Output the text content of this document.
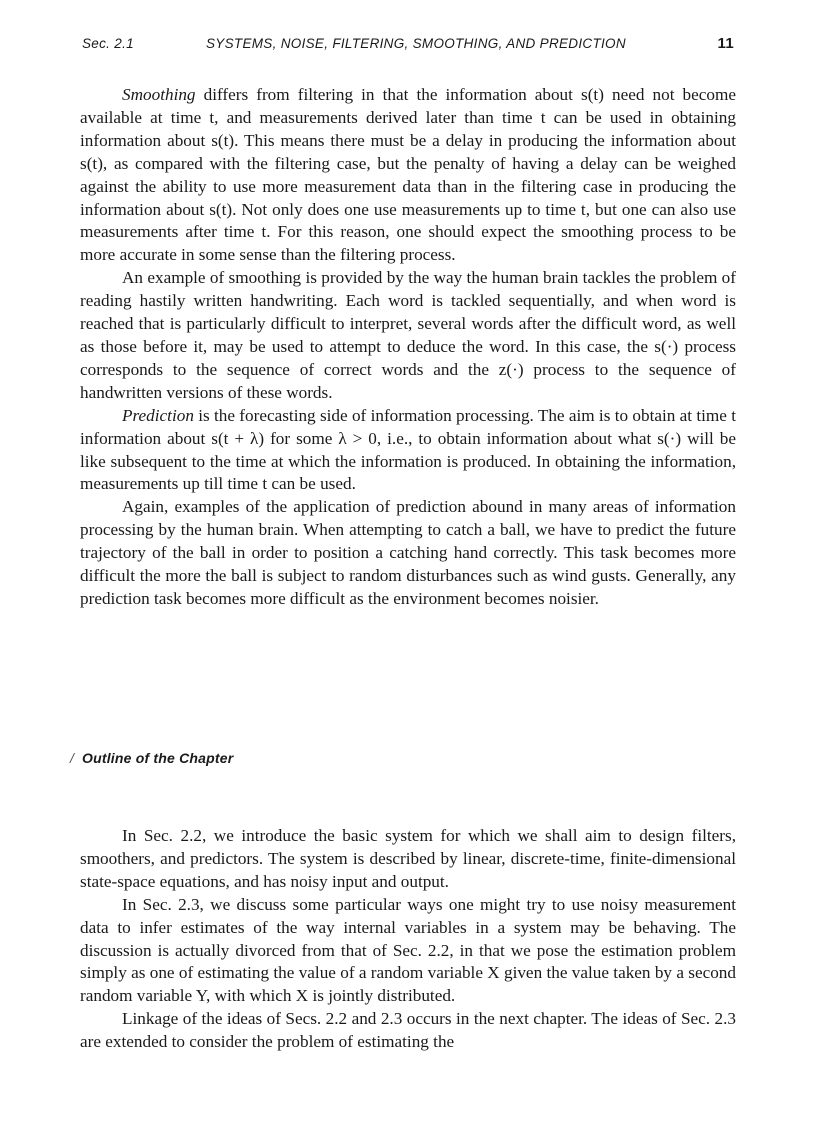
Sec. 2.1	SYSTEMS, NOISE, FILTERING, SMOOTHING, AND PREDICTION	11

Smoothing differs from filtering in that the information about s(t) need not become available at time t, and measurements derived later than time t can be used in obtaining information about s(t). This means there must be a delay in producing the information about s(t), as compared with the filtering case, but the penalty of having a delay can be weighed against the ability to use more measurement data than in the filtering case in producing the information about s(t). Not only does one use measurements up to time t, but one can also use measurements after time t. For this reason, one should expect the smoothing process to be more accurate in some sense than the filtering process.

An example of smoothing is provided by the way the human brain tackles the problem of reading hastily written handwriting. Each word is tackled sequentially, and when word is reached that is particularly difficult to interpret, several words after the difficult word, as well as those before it, may be used to attempt to deduce the word. In this case, the s(·) process corresponds to the sequence of correct words and the z(·) process to the sequence of handwritten versions of these words.

Prediction is the forecasting side of information processing. The aim is to obtain at time t information about s(t + λ) for some λ > 0, i.e., to obtain information about what s(·) will be like subsequent to the time at which the information is produced. In obtaining the information, measurements up till time t can be used.

Again, examples of the application of prediction abound in many areas of information processing by the human brain. When attempting to catch a ball, we have to predict the future trajectory of the ball in order to position a catching hand correctly. This task becomes more difficult the more the ball is subject to random disturbances such as wind gusts. Generally, any prediction task becomes more difficult as the environment becomes noisier.

/ Outline of the Chapter

In Sec. 2.2, we introduce the basic system for which we shall aim to design filters, smoothers, and predictors. The system is described by linear, discrete-time, finite-dimensional state-space equations, and has noisy input and output.

In Sec. 2.3, we discuss some particular ways one might try to use noisy measurement data to infer estimates of the way internal variables in a system may be behaving. The discussion is actually divorced from that of Sec. 2.2, in that we pose the estimation problem simply as one of estimating the value of a random variable X given the value taken by a second random variable Y, with which X is jointly distributed.

Linkage of the ideas of Secs. 2.2 and 2.3 occurs in the next chapter. The ideas of Sec. 2.3 are extended to consider the problem of estimating the
